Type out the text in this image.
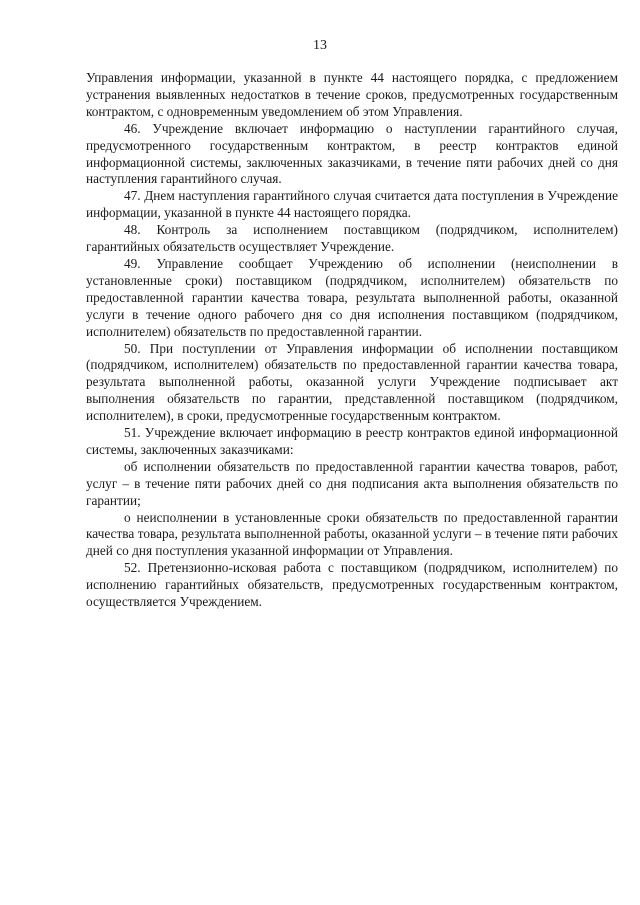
13

Управления информации, указанной в пункте 44 настоящего порядка, с предложением устранения выявленных недостатков в течение сроков, предусмотренных государственным контрактом, с одновременным уведомлением об этом Управления.

46. Учреждение включает информацию о наступлении гарантийного случая, предусмотренного государственным контрактом, в реестр контрактов единой информационной системы, заключенных заказчиками, в течение пяти рабочих дней со дня наступления гарантийного случая.

47. Днем наступления гарантийного случая считается дата поступления в Учреждение информации, указанной в пункте 44 настоящего порядка.

48. Контроль за исполнением поставщиком (подрядчиком, исполнителем) гарантийных обязательств осуществляет Учреждение.

49. Управление сообщает Учреждению об исполнении (неисполнении в установленные сроки) поставщиком (подрядчиком, исполнителем) обязательств по предоставленной гарантии качества товара, результата выполненной работы, оказанной услуги в течение одного рабочего дня со дня исполнения поставщиком (подрядчиком, исполнителем) обязательств по предоставленной гарантии.

50. При поступлении от Управления информации об исполнении поставщиком (подрядчиком, исполнителем) обязательств по предоставленной гарантии качества товара, результата выполненной работы, оказанной услуги Учреждение подписывает акт выполнения обязательств по гарантии, представленной поставщиком (подрядчиком, исполнителем), в сроки, предусмотренные государственным контрактом.

51. Учреждение включает информацию в реестр контрактов единой информационной системы, заключенных заказчиками:

об исполнении обязательств по предоставленной гарантии качества товаров, работ, услуг – в течение пяти рабочих дней со дня подписания акта выполнения обязательств по гарантии;

о неисполнении в установленные сроки обязательств по предоставленной гарантии качества товара, результата выполненной работы, оказанной услуги – в течение пяти рабочих дней со дня поступления указанной информации от Управления.

52. Претензионно-исковая работа с поставщиком (подрядчиком, исполнителем) по исполнению гарантийных обязательств, предусмотренных государственным контрактом, осуществляется Учреждением.
